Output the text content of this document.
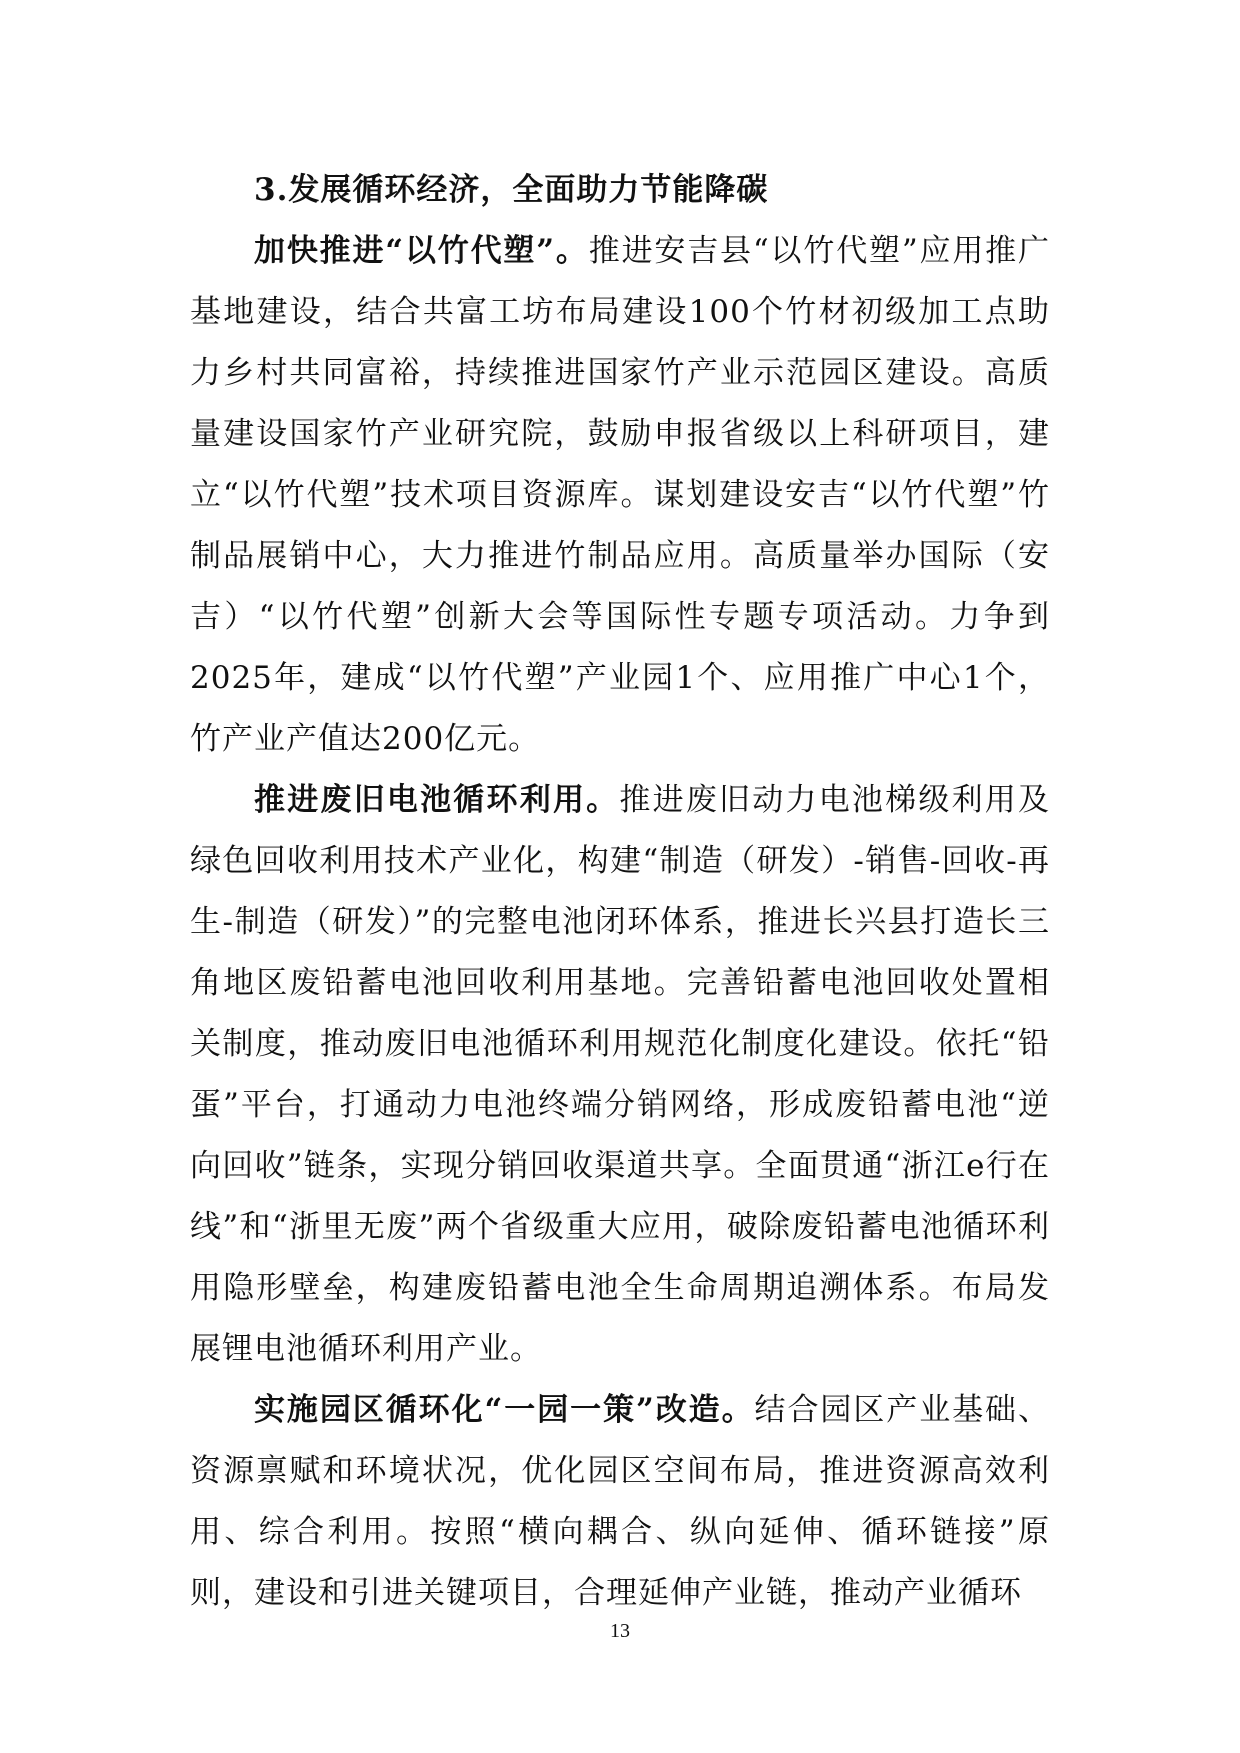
3.发展循环经济，全面助力节能降碳

加快推进“以竹代塑”。推进安吉县“以竹代塑”应用推广基地建设，结合共富工坊布局建设100个竹材初级加工点助力乡村共同富裕，持续推进国家竹产业示范园区建设。高质量建设国家竹产业研究院，鼓励申报省级以上科研项目，建立“以竹代塑”技术项目资源库。谋划建设安吉“以竹代塑”竹制品展销中心，大力推进竹制品应用。高质量举办国际（安吉）“以竹代塑”创新大会等国际性专题专项活动。力争到2025年，建成“以竹代塑”产业园1个、应用推广中心1个，竹产业产值达200亿元。

推进废旧电池循环利用。推进废旧动力电池梯级利用及绿色回收利用技术产业化，构建“制造（研发）-销售-回收-再生-制造（研发）”的完整电池闭环体系，推进长兴县打造长三角地区废铅蓄电池回收利用基地。完善铅蓄电池回收处置相关制度，推动废旧电池循环利用规范化制度化建设。依托“铅蛋”平台，打通动力电池终端分销网络，形成废铅蓄电池“逆向回收”链条，实现分销回收渠道共享。全面贯通“浙江e行在线”和“浙里无废”两个省级重大应用，破除废铅蓄电池循环利用隐形壁垒，构建废铅蓄电池全生命周期追溯体系。布局发展锂电池循环利用产业。

实施园区循环化“一园一策”改造。结合园区产业基础、资源禀赋和环境状况，优化园区空间布局，推进资源高效利用、综合利用。按照“横向耦合、纵向延伸、循环链接”原则，建设和引进关键项目，合理延伸产业链，推动产业循环

13
